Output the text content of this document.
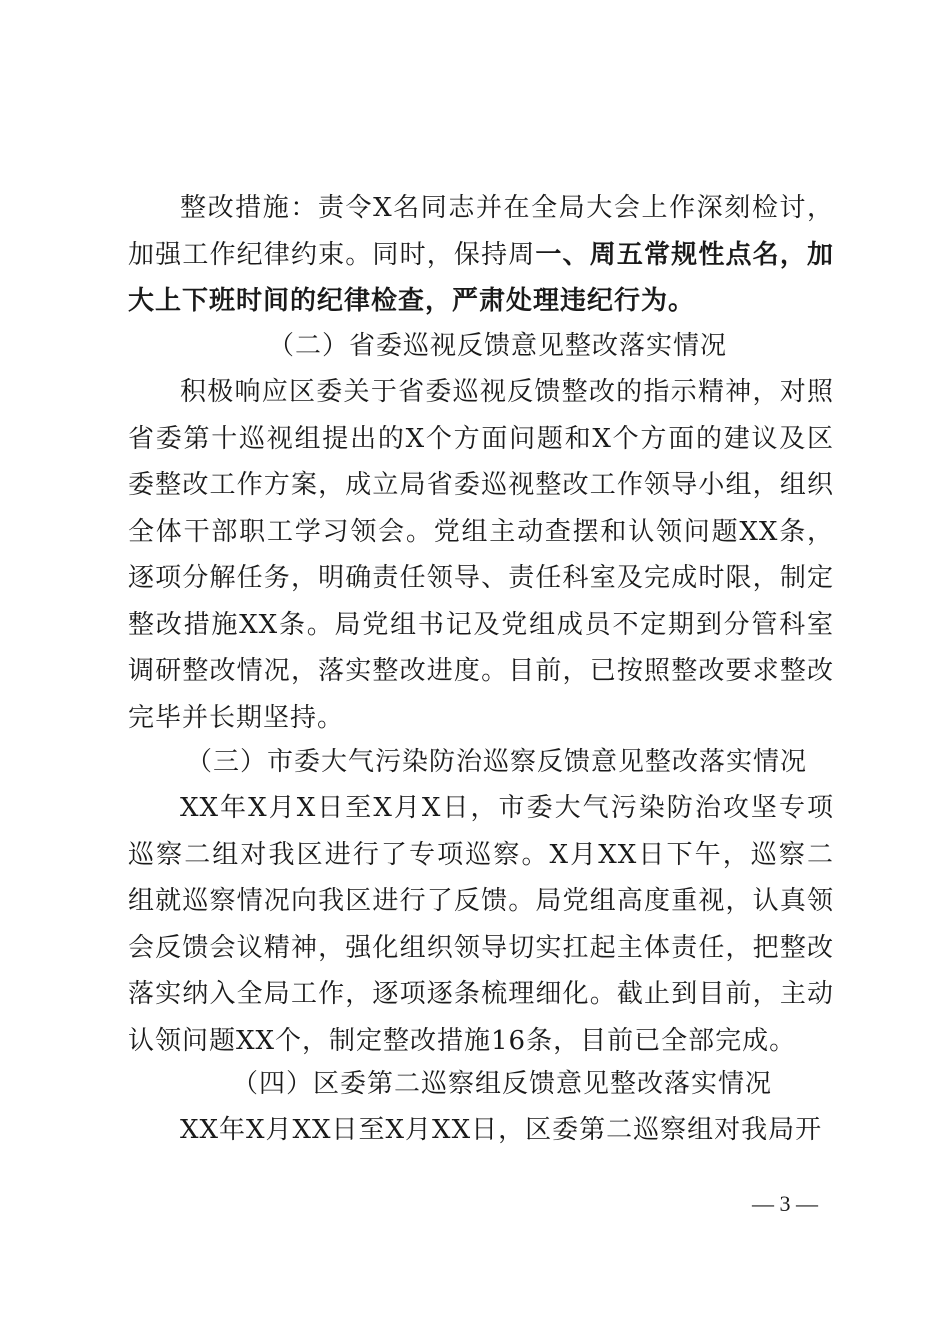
整改措施：责令X名同志并在全局大会上作深刻检讨，加强工作纪律约束。同时，保持周一、周五常规性点名，加大上下班时间的纪律检查，严肃处理违纪行为。

（二）省委巡视反馈意见整改落实情况

积极响应区委关于省委巡视反馈整改的指示精神，对照省委第十巡视组提出的X个方面问题和X个方面的建议及区委整改工作方案，成立局省委巡视整改工作领导小组，组织全体干部职工学习领会。党组主动查摆和认领问题XX条，逐项分解任务，明确责任领导、责任科室及完成时限，制定整改措施XX条。局党组书记及党组成员不定期到分管科室调研整改情况，落实整改进度。目前，已按照整改要求整改完毕并长期坚持。

（三）市委大气污染防治巡察反馈意见整改落实情况

XX年X月X日至X月X日，市委大气污染防治攻坚专项巡察二组对我区进行了专项巡察。X月XX日下午，巡察二组就巡察情况向我区进行了反馈。局党组高度重视，认真领会反馈会议精神，强化组织领导切实扛起主体责任，把整改落实纳入全局工作，逐项逐条梳理细化。截止到目前，主动认领问题XX个，制定整改措施16条，目前已全部完成。

（四）区委第二巡察组反馈意见整改落实情况

XX年X月XX日至X月XX日，区委第二巡察组对我局开

— 3 —
